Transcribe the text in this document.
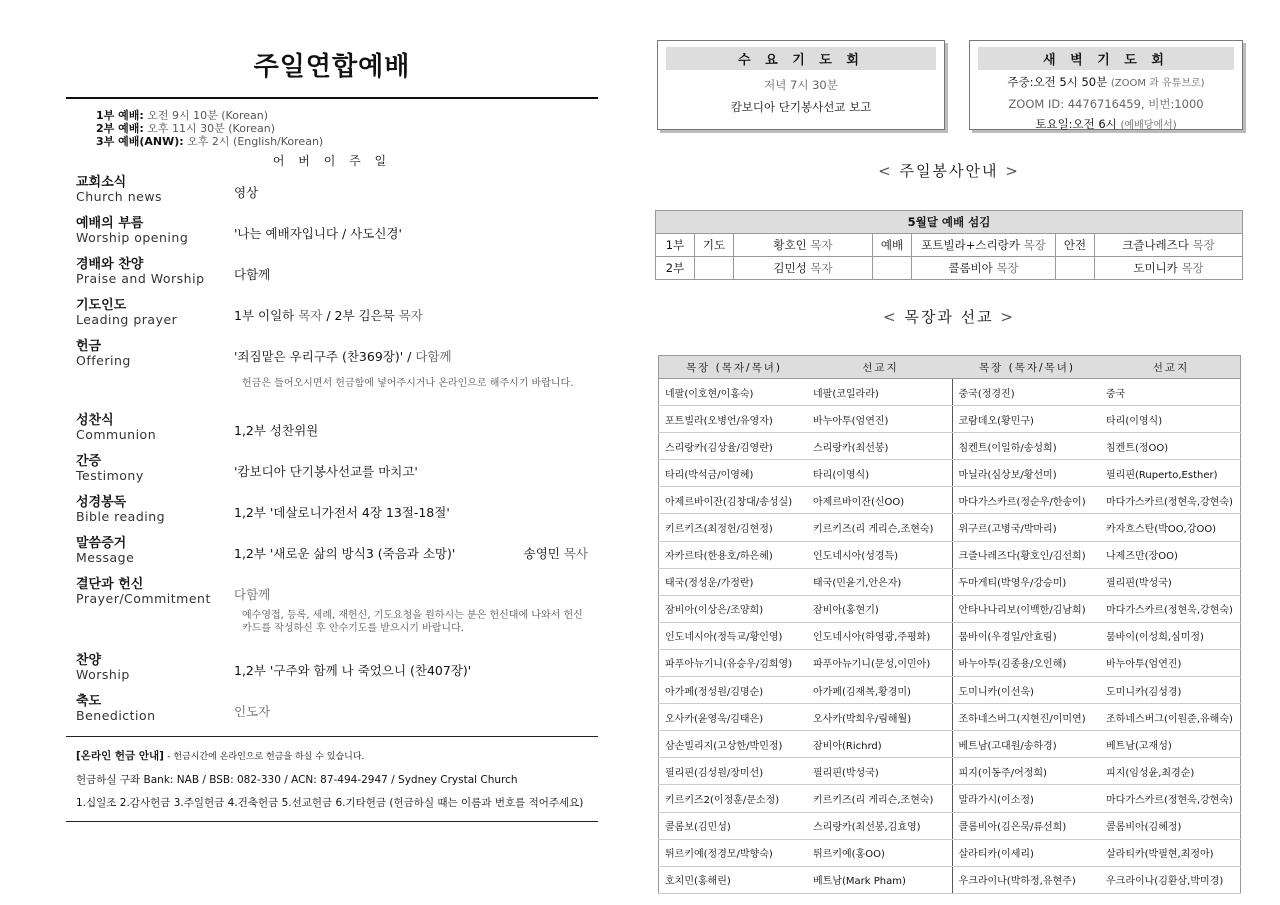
주일연합예배
1부 예배: 오전 9시 10분 (Korean)
2부 예배: 오후 11시 30분 (Korean)
3부 예배(ANW): 오후 2시 (English/Korean)
어 버 이 주 일
교회소식
Church news	영상
예배의 부름
Worship opening	'나는 예배자입니다 / 사도신경'
경배와 찬양
Praise and Worship	다함께
기도인도
Leading prayer	1부 이일하 목자 / 2부 김은묵 목자
헌금
Offering	'죄짐맡은 우리구주 (찬369장)' / 다함께
헌금은 들어오시면서 헌금함에 넣어주시거나 온라인으로 해주시기 바랍니다.
성찬식
Communion	1,2부 성찬위원
간증
Testimony	'캄보디아 단기봉사선교를 마치고'
성경봉독
Bible reading	1,2부 '데살로니가전서 4장 13절-18절'
말씀증거
Message	1,2부 '새로운 삶의 방식3 (죽음과 소망)'	송영민 목사
결단과 헌신
Prayer/Commitment	다함께
예수영접, 등록, 세례, 재헌신, 기도요청을 원하시는 분은 헌신대에 나와서 헌신카드를 작성하신 후 안수기도를 받으시기 바랍니다.
찬양
Worship	1,2부 '구주와 함께 나 죽었으니 (찬407장)'
축도
Benediction	인도자
[온라인 헌금 안내] - 헌금시간에 온라인으로 헌금을 하실 수 있습니다.
헌금하실 구좌 Bank: NAB / BSB: 082-330 / ACN: 87-494-2947 / Sydney Crystal Church
1.십일조 2.감사헌금 3.주일헌금 4.건축헌금 5.선교헌금 6.기타헌금 (헌금하실 때는 이름과 번호를 적어주세요)
수 요 기 도 회
저녁 7시 30분
캄보디아 단기봉사선교 보고
새 벽 기 도 회
주중:오전 5시 50분 (ZOOM 과 유튜브로)
ZOOM ID: 4476716459, 비번:1000
토요일:오전 6시 (예배당에서)
< 주일봉사안내 >
5월달 예배 섬김						
1부	기도	황호인 목자	예배	포트빌라+스리랑카 목장	안전	크즐나레즈다 목장
2부		김민성 목자		콜롬비아 목장		도미니카 목장
< 목장과 선교 >
목장 (목자/목녀)	선교지	목장 (목자/목녀)	선교지
네팔(이호현/이홍숙)	네팔(코일라라)	중국(정경진)	중국
포트빌라(오병언/유영자)	바누아투(엄연진)	코람데오(황민구)	타리(이영식)
스리랑카(김상율/김영란)	스리랑카(최선봉)	침켄트(이일하/송성희)	침켄트(정OO)
타리(박석금/이영혜)	타리(이영식)	마닐라(심상보/황선미)	필리핀(Ruperto,Esther)
아제르바이잔(김창대/송성실)	아제르바이잔(신OO)	마다가스카르(정순우/한송이)	마다가스카르(정현욱,강현숙)
키르키즈(최정헌/김현정)	키르키즈(리 게리슨,조현숙)	위구르(고병국/박마리)	카자흐스탄(박OO,강OO)
자카르타(한용호/하은혜)	인도네시아(성경득)	크즐나레즈다(황호인/김선희)	나제즈만(장OO)
태국(정성운/가정란)	태국(민윤기,안은자)	두마게티(박영우/강승미)	필리핀(박성국)
잠비아(이상은/조양희)	잠비아(홍현기)	안타나나리보(이백한/김남희)	마다가스카르(정현욱,강현숙)
인도네시아(정득교/황인영)	인도네시아(하영광,주평화)	뭄바이(우경일/안효림)	뭄바이(이성희,심미정)
파푸아뉴기니(유승우/김희영)	파푸아뉴기니(문성,이민아)	바누아투(김종용/오인해)	바누아투(엄연진)
아가페(정성원/김명순)	아가페(김재복,황경미)	도미니카(이선욱)	도미니카(김성경)
오사카(윤영욱/김태은)	오사카(박희우/림해월)	조하네스버그(지현진/이미연)	조하네스버그(이원준,유해숙)
삼손빌리지(고상한/박민정)	잠비아(Richrd)	베트남(고대원/송하경)	베트남(고재성)
필리핀(김성원/장미선)	필리핀(박성국)	피지(이동주/어정희)	피지(임성윤,최경순)
키르키즈2(이정훈/문소정)	키르키즈(리 게리슨,조현숙)	말라가시(이소정)	마다가스카르(정현욱,강현숙)
콜롬보(김민성)	스리랑카(최선봉,김효영)	콜롬비아(김은묵/류선희)	콜롬비아(김혜정)
튀르키예(정경모/박향숙)	튀르키예(홍OO)	살라티카(이세리)	살라티카(박필현,최정아)
호치민(홍해린)	베트남(Mark Pham)	우크라이나(박하정,유현주)	우크라이나(김환삼,박미경)
